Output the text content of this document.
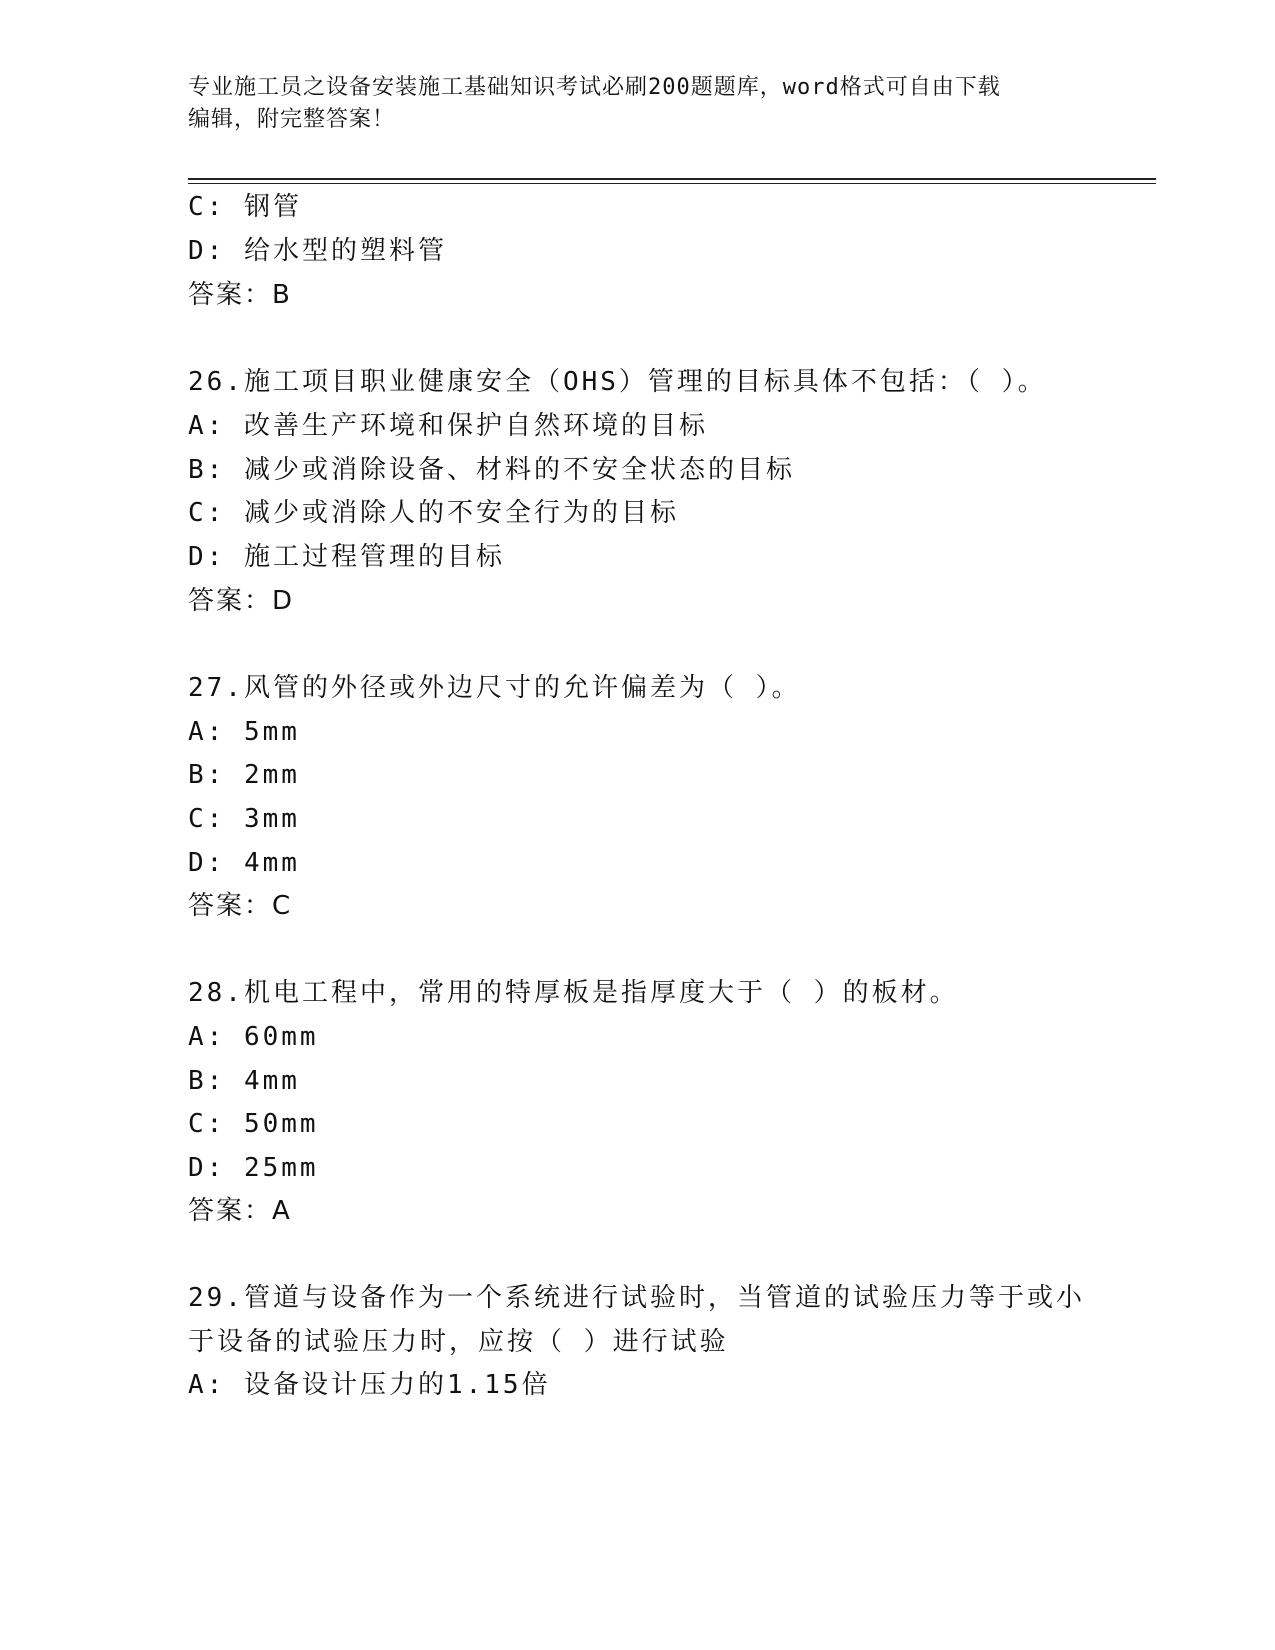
专业施工员之设备安装施工基础知识考试必刷200题题库，word格式可自由下载
编辑，附完整答案！
C: 钢管
D: 给水型的塑料管
答案：B
26.施工项目职业健康安全（OHS）管理的目标具体不包括：（ ）。
A: 改善生产环境和保护自然环境的目标
B: 减少或消除设备、材料的不安全状态的目标
C: 减少或消除人的不安全行为的目标
D: 施工过程管理的目标
答案：D
27.风管的外径或外边尺寸的允许偏差为（ ）。
A: 5mm
B: 2mm
C: 3mm
D: 4mm
答案：C
28.机电工程中，常用的特厚板是指厚度大于（ ）的板材。
A: 60mm
B: 4mm
C: 50mm
D: 25mm
答案：A
29.管道与设备作为一个系统进行试验时，当管道的试验压力等于或小
于设备的试验压力时，应按（ ）进行试验
A: 设备设计压力的1.15倍
